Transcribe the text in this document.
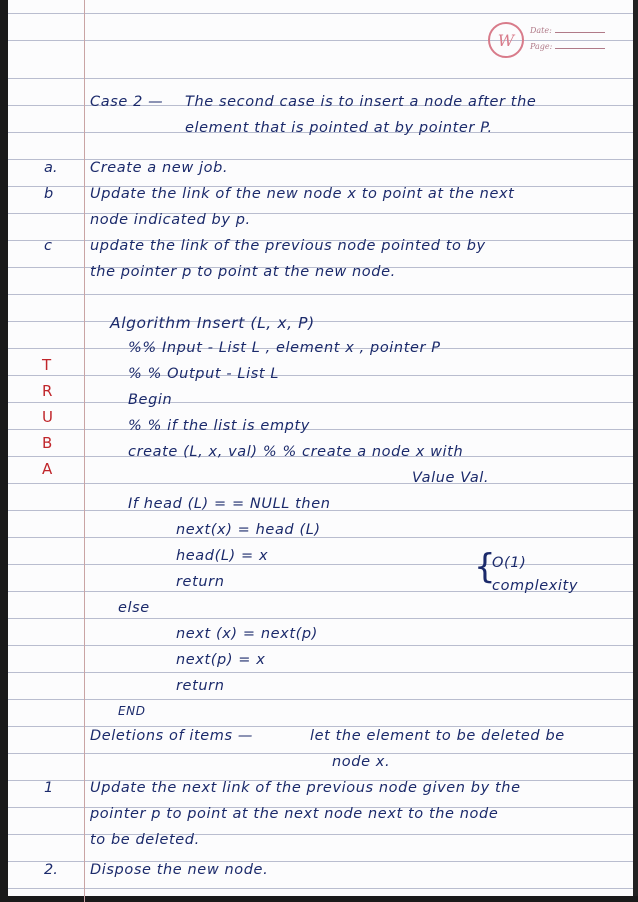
W	Date:
Page:
Case 2 — The second case is to insert a node after the
element that is pointed at by pointer P.
a. Create a new job.
b	Update the link of the new node x to point at the next
node indicated by p.
c	update the link of the previous node pointed to by
the pointer p to point at the new node.
Algorithm Insert (L, x, P)
%% Input - List L , element x , pointer P
% % Output - List L
Begin
% % if the list is empty
create (L, x, val) % % create a node x with
Value Val.
If head (L) = = NULL then
next(x) = head (L)
head(L) = x
return
else
next (x) = next(p)
next(p) = x
return
END
{
O(1)
complexity
T
R
U
B
A
Deletions of items —	let the element to be deleted be
node x.
1	Update the next link of the previous node given by the
pointer p to point at the next node next to the node
to be deleted.
2. Dispose the new node.
